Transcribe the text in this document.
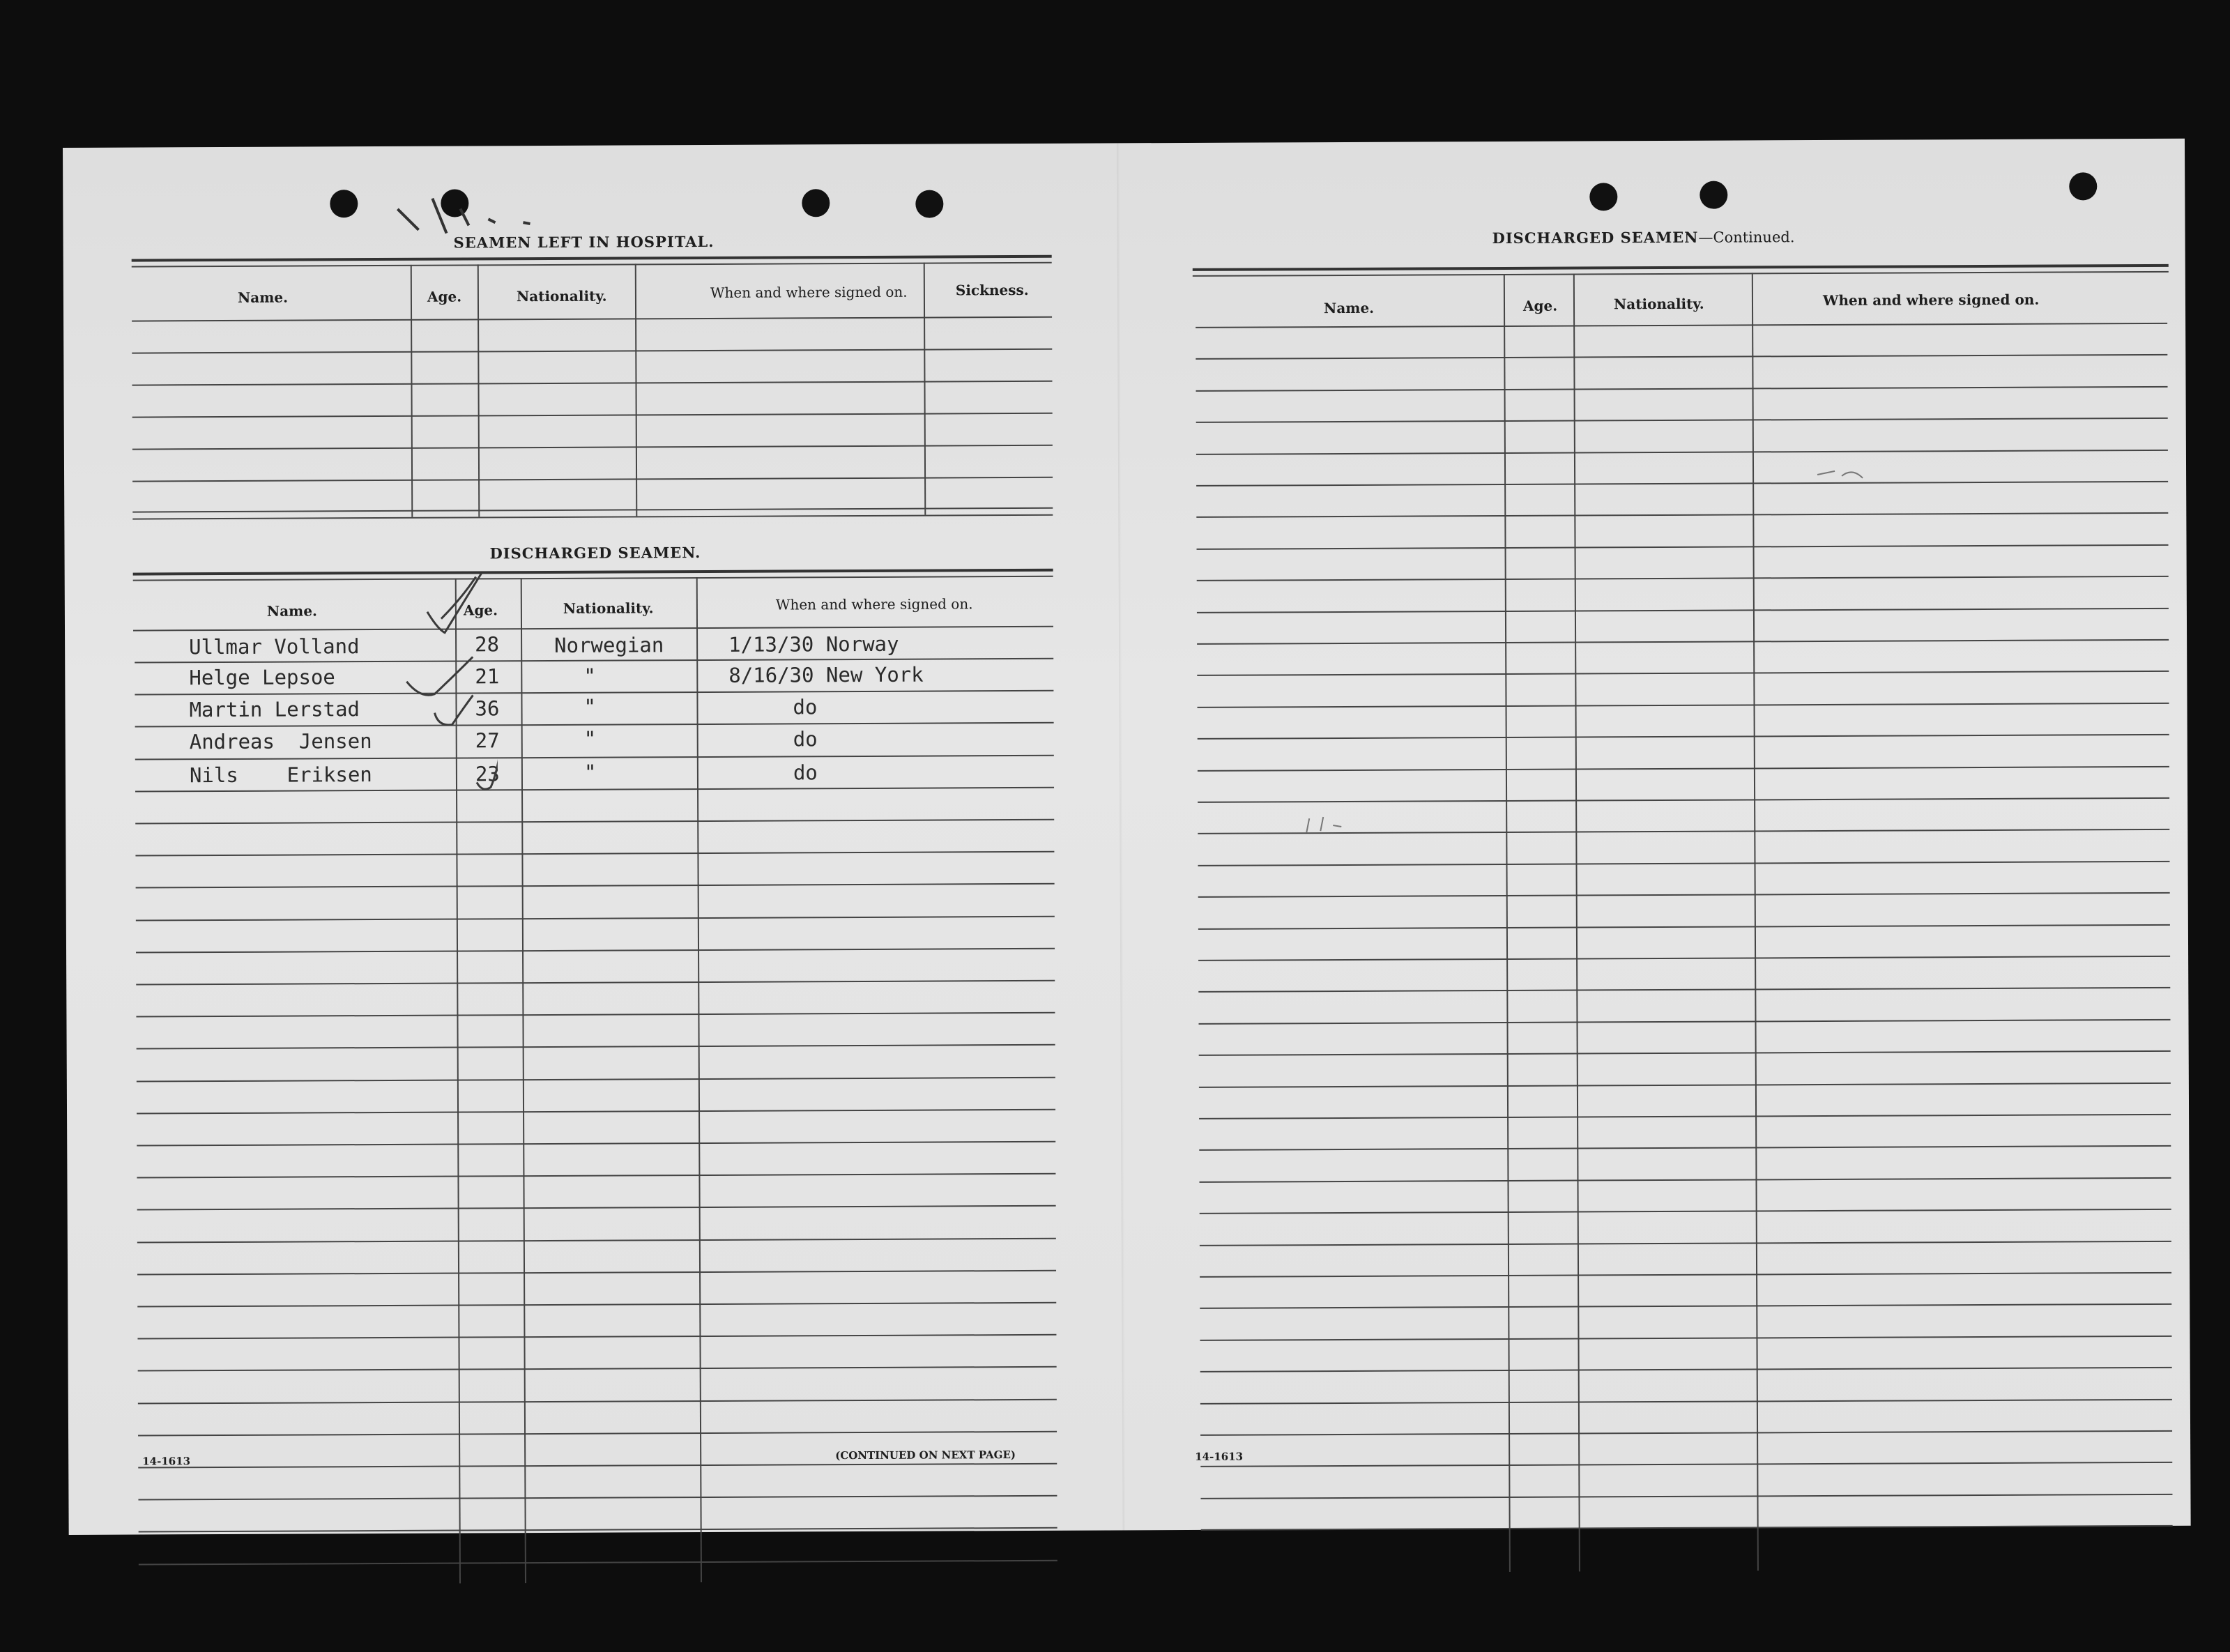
SEAMEN LEFT IN HOSPITAL.
Name.	Age.	Nationality.	When and where signed on.	Sickness.
DISCHARGED SEAMEN.
Name.	Age.	Nationality.	When and where signed on.
Ullmar Volland	28	Norwegian	1/13/30 Norway
Helge Lepsoe	21	"	8/16/30 New York
Martin Lerstad	36	"	do
Andreas  Jensen	27	"	do
Nils    Eriksen	23	"	do
14-1613	(CONTINUED ON NEXT PAGE)
DISCHARGED SEAMEN—Continued.
Name.	Age.	Nationality.	When and where signed on.
14-1613
